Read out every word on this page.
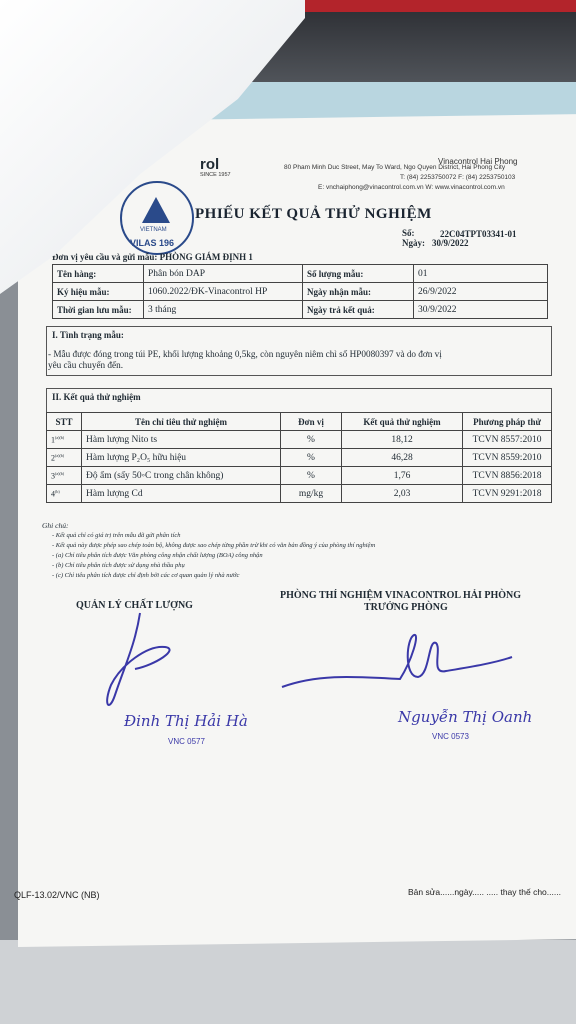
rol
SINCE 1957
VIETNAM
VILAS 196
Vinacontrol Hai Phong
80 Pham Minh Duc Street, May To Ward, Ngo Quyen District, Hai Phong City
T: (84) 2253750072 F: (84) 2253750103
E: vnchaiphong@vinacontrol.com.vn W: www.vinacontrol.com.vn
PHIẾU KẾT QUẢ THỬ NGHIỆM
Số:	22C04TPT03341-01
Ngày: 30/9/2022
Đơn vị yêu cầu và gửi mẫu: PHÒNG GIÁM ĐỊNH 1
Tên hàng:	Phân bón DAP	Số lượng mẫu:	01
Ký hiệu mẫu:	1060.2022/ĐK-Vinacontrol HP	Ngày nhận mẫu:	26/9/2022
Thời gian lưu mẫu:	3 tháng	Ngày trả kết quả:	30/9/2022
I. Tình trạng mẫu:
- Mẫu được đóng trong túi PE, khối lượng khoảng 0,5kg, còn nguyên niêm chì số HP0080397 và do đơn vị
yêu cầu chuyển đến.
II. Kết quả thử nghiệm
STT	Tên chỉ tiêu thử nghiệm	Đơn vị	Kết quả thử nghiệm	Phương pháp thử
$1^{(a)(b)}$	Hàm lượng Nito ts	%	18,12	TCVN 8557:2010
$2^{(a)(b)}$	Hàm lượng P₂O₅ hữu hiệu	%	46,28	TCVN 8559:2010
$3^{(a)(b)}$	Độ ẩm (sấy 50◦C trong chân không)	%	1,76	TCVN 8856:2018
4$^{(b)}$	Hàm lượng Cd	mg/kg	2,03	TCVN 9291:2018
Ghi chú:
- Kết quả chỉ có giá trị trên mẫu đã gửi phân tích
- Kết quả này được phép sao chép toàn bộ, không được sao chép từng phần trừ khi có văn bản đồng ý của phòng thí nghiệm
- (a) Chỉ tiêu phân tích được Văn phòng công nhận chất lượng (BOA) công nhận
- (b) Chỉ tiêu phân tích được sử dụng nhà thầu phụ
- (c) Chỉ tiêu phân tích được chỉ định bởi các cơ quan quản lý nhà nước
QUẢN LÝ CHẤT LƯỢNG
PHÒNG THÍ NGHIỆM VINACONTROL HẢI PHÒNG
TRƯỞNG PHÒNG
Đinh Thị Hải Hà
VNC 0577
Nguyễn Thị Oanh
VNC 0573
QLF-13.02/VNC (NB)	Bản sửa......ngày..... ..... thay thế cho......
